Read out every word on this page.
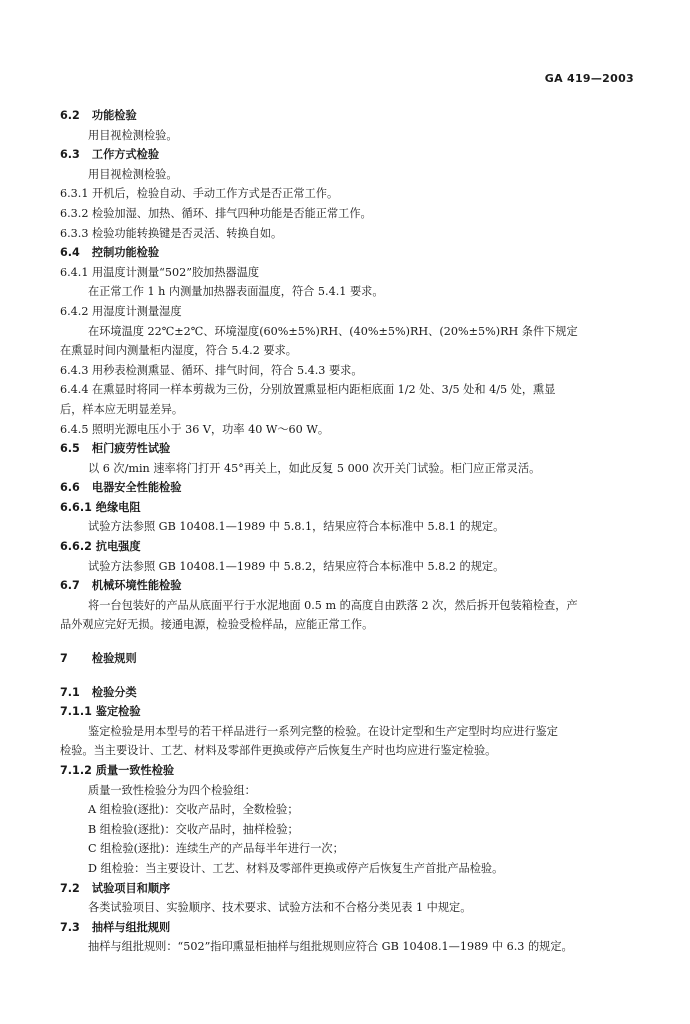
GA 419—2003
6.2 功能检验
用目视检测检验。
6.3 工作方式检验
用目视检测检验。
6.3.1 开机后，检验自动、手动工作方式是否正常工作。
6.3.2 检验加湿、加热、循环、排气四种功能是否能正常工作。
6.3.3 检验功能转换键是否灵活、转换自如。
6.4 控制功能检验
6.4.1 用温度计测量“502”胶加热器温度
在正常工作 1 h 内测量加热器表面温度，符合 5.4.1 要求。
6.4.2 用湿度计测量湿度
在环境温度 22℃±2℃、环境湿度(60%±5%)RH、(40%±5%)RH、(20%±5%)RH 条件下规定
在熏显时间内测量柜内湿度，符合 5.4.2 要求。
6.4.3 用秒表检测熏显、循环、排气时间，符合 5.4.3 要求。
6.4.4 在熏显时将同一样本剪裁为三份，分别放置熏显柜内距柜底面 1/2 处、3/5 处和 4/5 处，熏显
后，样本应无明显差异。
6.4.5 照明光源电压小于 36 V，功率 40 W～60 W。
6.5 柜门疲劳性试验
以 6 次/min 速率将门打开 45°再关上，如此反复 5 000 次开关门试验。柜门应正常灵活。
6.6 电器安全性能检验
6.6.1 绝缘电阻
试验方法参照 GB 10408.1—1989 中 5.8.1，结果应符合本标准中 5.8.1 的规定。
6.6.2 抗电强度
试验方法参照 GB 10408.1—1989 中 5.8.2，结果应符合本标准中 5.8.2 的规定。
6.7 机械环境性能检验
将一台包装好的产品从底面平行于水泥地面 0.5 m 的高度自由跌落 2 次，然后拆开包装箱检查，产
品外观应完好无损。接通电源，检验受检样品，应能正常工作。
7 检验规则
7.1 检验分类
7.1.1 鉴定检验
鉴定检验是用本型号的若干样品进行一系列完整的检验。在设计定型和生产定型时均应进行鉴定
检验。当主要设计、工艺、材料及零部件更换或停产后恢复生产时也均应进行鉴定检验。
7.1.2 质量一致性检验
质量一致性检验分为四个检验组：
A 组检验(逐批)：交收产品时，全数检验；
B 组检验(逐批)：交收产品时，抽样检验；
C 组检验(逐批)：连续生产的产品每半年进行一次；
D 组检验：当主要设计、工艺、材料及零部件更换或停产后恢复生产首批产品检验。
7.2 试验项目和顺序
各类试验项目、实验顺序、技术要求、试验方法和不合格分类见表 1 中规定。
7.3 抽样与组批规则
抽样与组批规则：“502”指印熏显柜抽样与组批规则应符合 GB 10408.1—1989 中 6.3 的规定。
